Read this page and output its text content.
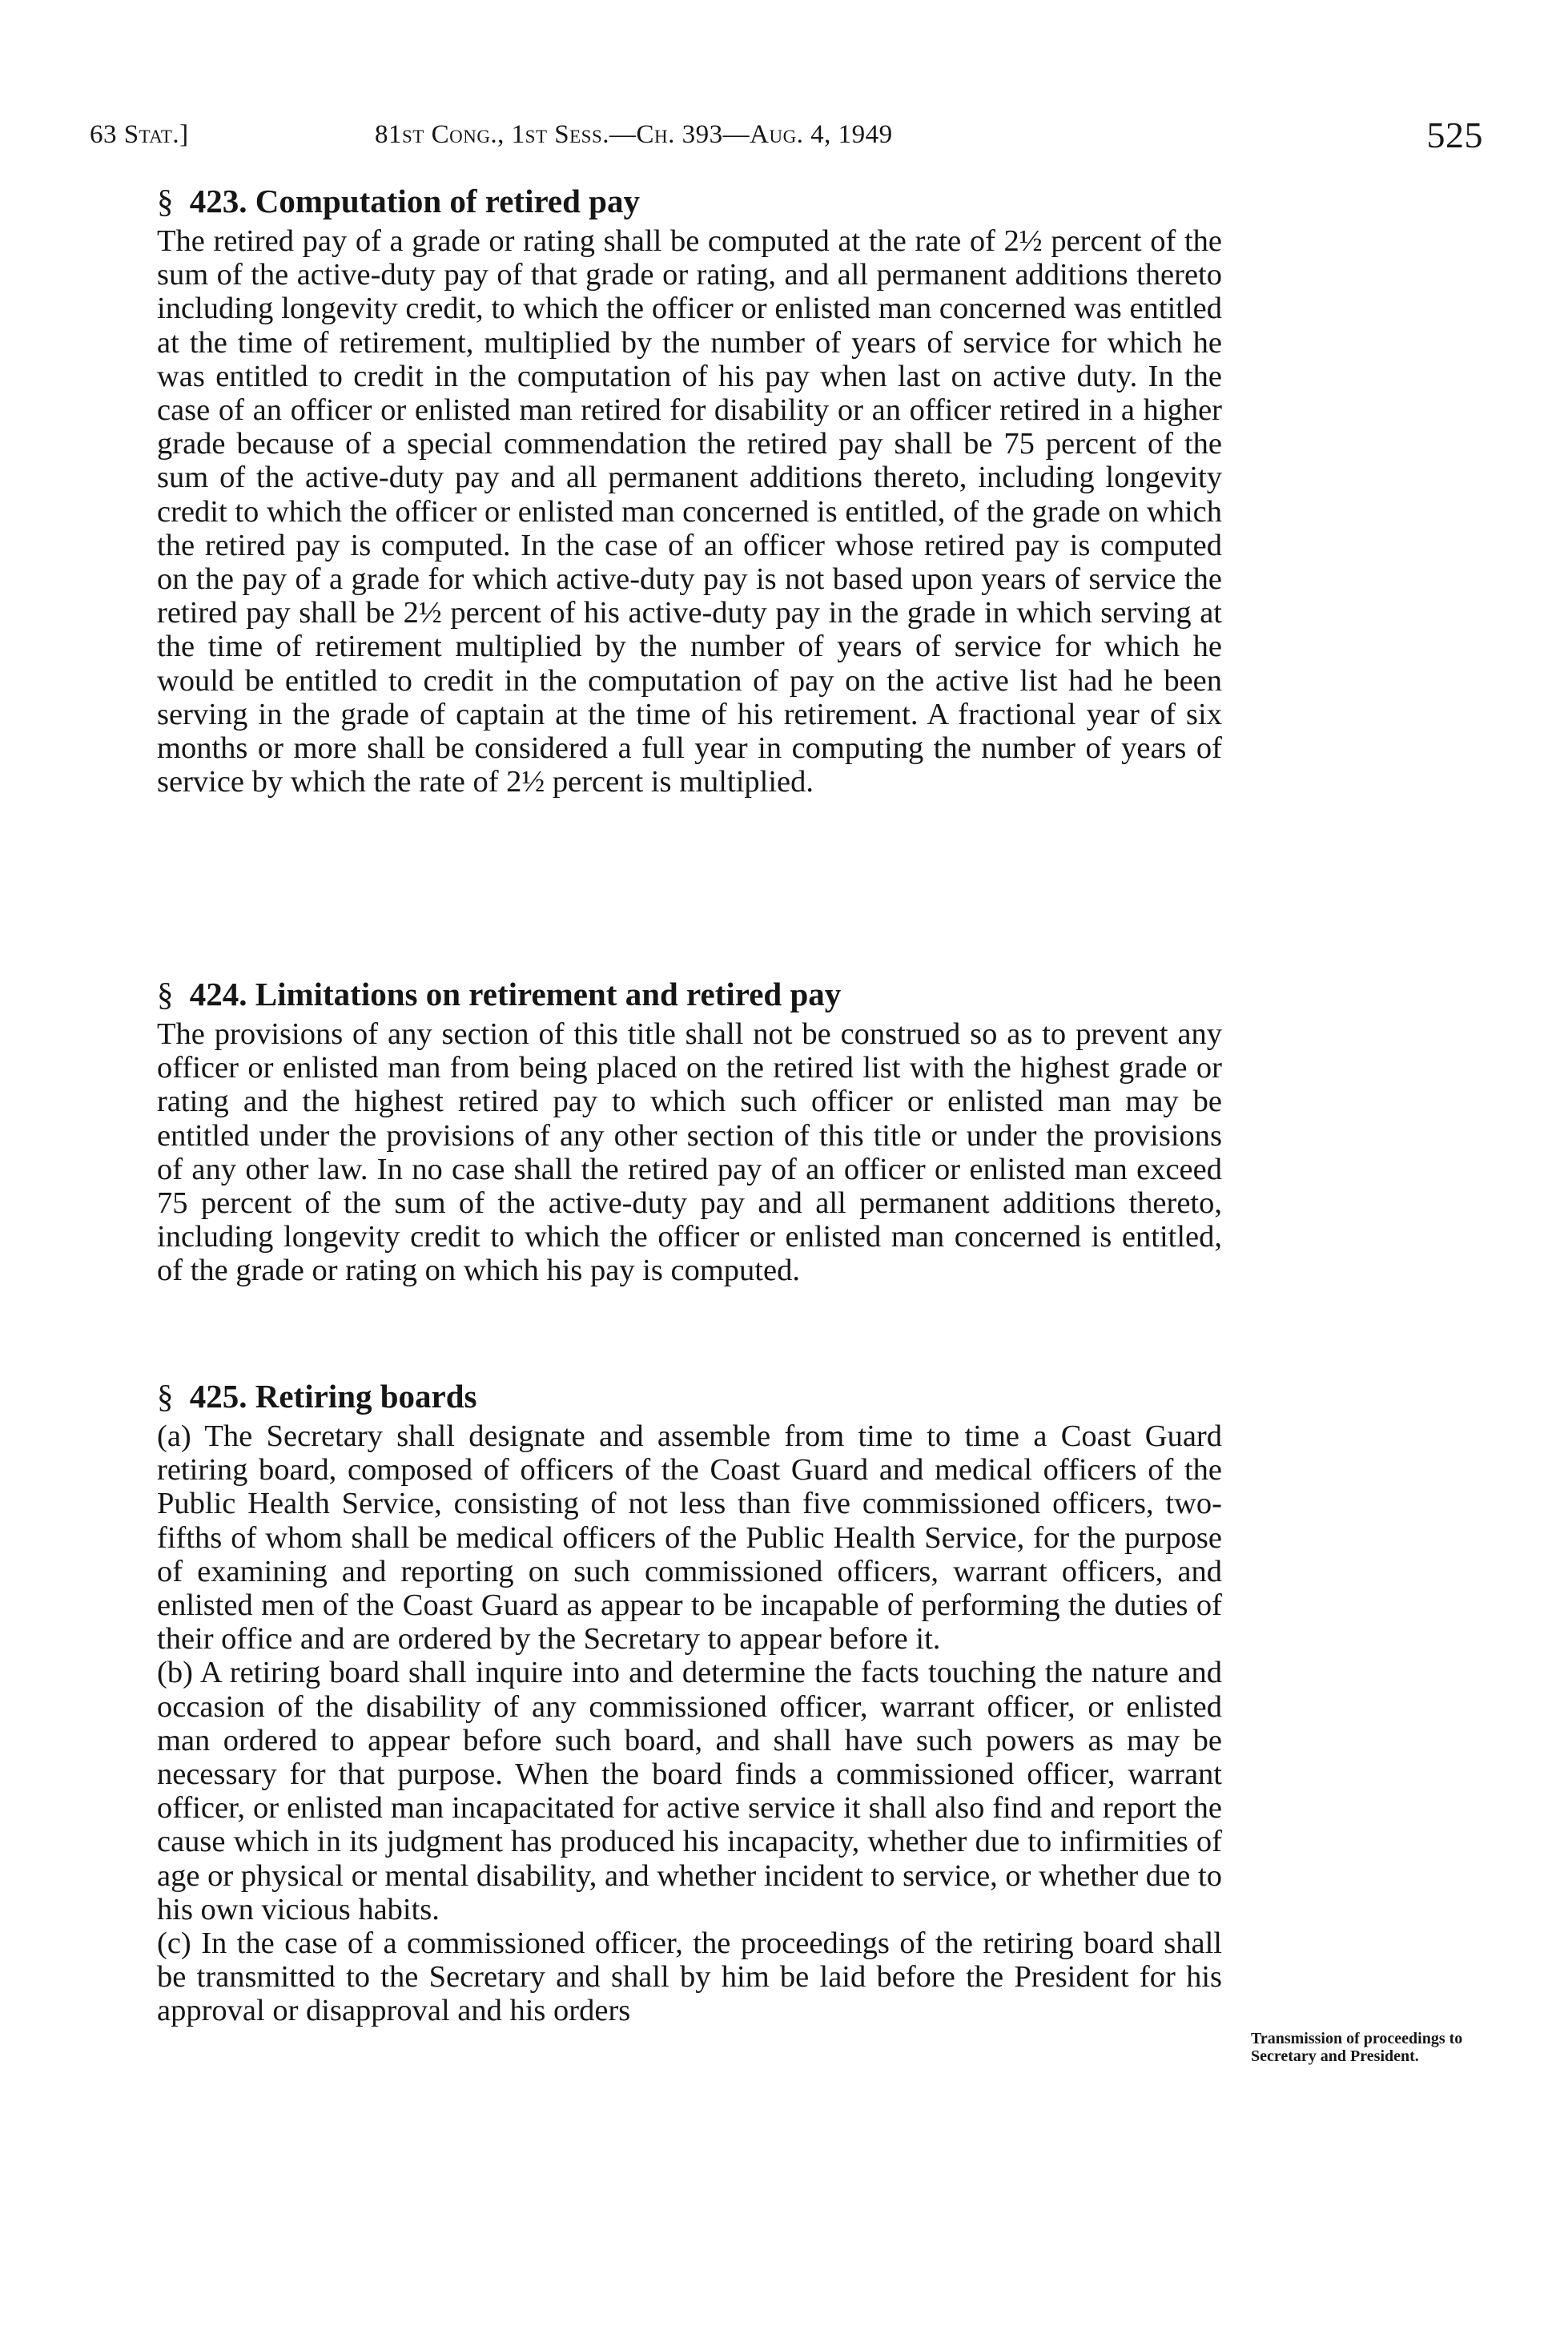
63 Stat.]	81st Cong., 1st Sess.—Ch. 393—Aug. 4, 1949	525
§ 423. Computation of retired pay

The retired pay of a grade or rating shall be computed at the rate of 2½ percent of the sum of the active-duty pay of that grade or rating, and all permanent additions thereto including longevity credit, to which the officer or enlisted man concerned was entitled at the time of retirement, multiplied by the number of years of service for which he was entitled to credit in the computation of his pay when last on active duty. In the case of an officer or enlisted man retired for disability or an officer retired in a higher grade because of a special commendation the retired pay shall be 75 percent of the sum of the active-duty pay and all permanent additions thereto, including longevity credit to which the officer or enlisted man concerned is entitled, of the grade on which the retired pay is computed. In the case of an officer whose retired pay is computed on the pay of a grade for which active-duty pay is not based upon years of service the retired pay shall be 2½ percent of his active-duty pay in the grade in which serving at the time of retirement multiplied by the number of years of service for which he would be entitled to credit in the computation of pay on the active list had he been serving in the grade of captain at the time of his retirement. A fractional year of six months or more shall be considered a full year in computing the number of years of service by which the rate of 2½ percent is multiplied.

§ 424. Limitations on retirement and retired pay

The provisions of any section of this title shall not be construed so as to prevent any officer or enlisted man from being placed on the retired list with the highest grade or rating and the highest retired pay to which such officer or enlisted man may be entitled under the provisions of any other section of this title or under the provisions of any other law. In no case shall the retired pay of an officer or enlisted man exceed 75 percent of the sum of the active-duty pay and all permanent additions thereto, including longevity credit to which the officer or enlisted man concerned is entitled, of the grade or rating on which his pay is computed.

§ 425. Retiring boards

(a) The Secretary shall designate and assemble from time to time a Coast Guard retiring board, composed of officers of the Coast Guard and medical officers of the Public Health Service, consisting of not less than five commissioned officers, two-fifths of whom shall be medical officers of the Public Health Service, for the purpose of examining and reporting on such commissioned officers, warrant officers, and enlisted men of the Coast Guard as appear to be incapable of performing the duties of their office and are ordered by the Secretary to appear before it.

(b) A retiring board shall inquire into and determine the facts touching the nature and occasion of the disability of any commissioned officer, warrant officer, or enlisted man ordered to appear before such board, and shall have such powers as may be necessary for that purpose. When the board finds a commissioned officer, warrant officer, or enlisted man incapacitated for active service it shall also find and report the cause which in its judgment has produced his incapacity, whether due to infirmities of age or physical or mental disability, and whether incident to service, or whether due to his own vicious habits.

(c) In the case of a commissioned officer, the proceedings of the retiring board shall be transmitted to the Secretary and shall by him be laid before the President for his approval or disapproval and his orders

Transmission of proceedings to Secretary and President.
